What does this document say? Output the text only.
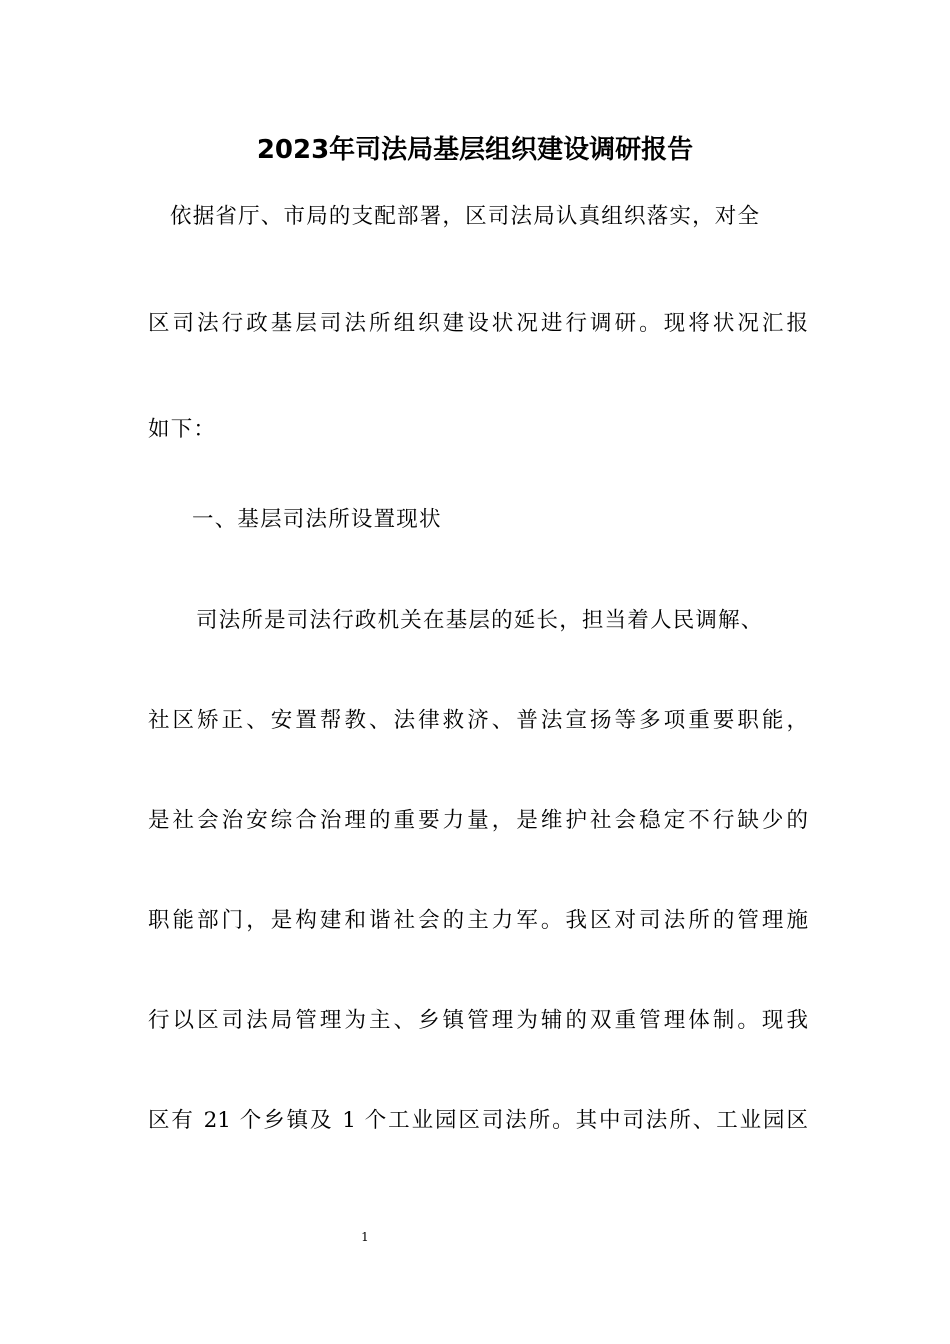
2023年司法局基层组织建设调研报告
依据省厅、市局的支配部署，区司法局认真组织落实，对全
区司法行政基层司法所组织建设状况进行调研。现将状况汇报
如下：
一、基层司法所设置现状
司法所是司法行政机关在基层的延长，担当着人民调解、
社区矫正、安置帮教、法律救济、普法宣扬等多项重要职能，
是社会治安综合治理的重要力量，是维护社会稳定不行缺少的
职能部门，是构建和谐社会的主力军。我区对司法所的管理施
行以区司法局管理为主、乡镇管理为辅的双重管理体制。现我
区有 21 个乡镇及 1 个工业园区司法所。其中司法所、工业园区
1
